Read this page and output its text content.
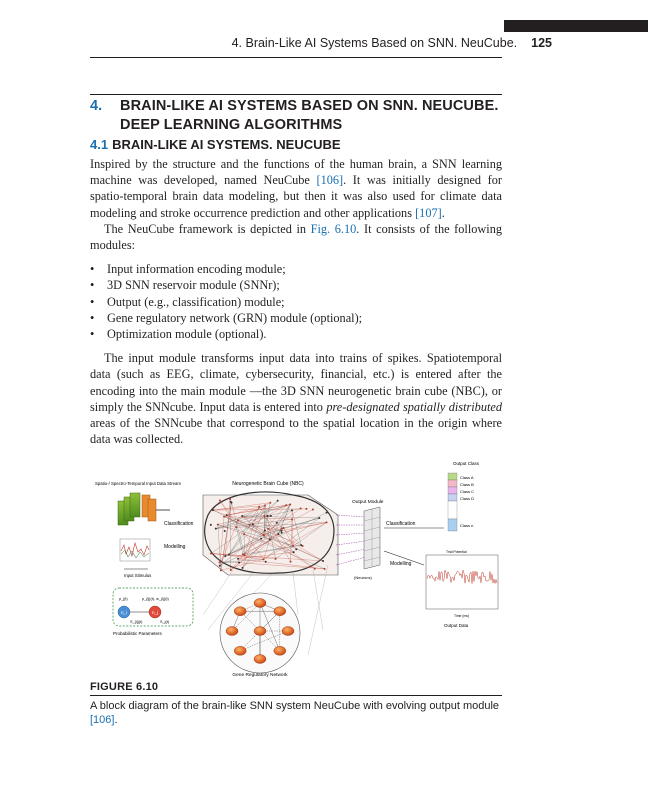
4. Brain-Like AI Systems Based on SNN. NeuCube. 125
4. BRAIN-LIKE AI SYSTEMS BASED ON SNN. NEUCUBE.
DEEP LEARNING ALGORITHMS
4.1 BRAIN-LIKE AI SYSTEMS. NEUCUBE

Inspired by the structure and the functions of the human brain, a SNN learning machine was developed, named NeuCube [106]. It was initially designed for spatio-temporal brain data modeling, but then it was also used for climate data modeling and stroke occurrence prediction and other applications [107].

The NeuCube framework is depicted in Fig. 6.10. It consists of the following modules:

• Input information encoding module;
• 3D SNN reservoir module (SNNr);
• Output (e.g., classification) module;
• Gene regulatory network (GRN) module (optional);
• Optimization module (optional).

The input module transforms input data into trains of spikes. Spatiotemporal data (such as EEG, climate, cybersecurity, financial, etc.) is entered after the encoding into the main module —the 3D SNN neurogenetic brain cube (NBC), or simply the SNNcube. Input data is entered into pre-designated spatially distributed areas of the SNNcube that correspond to the spatial location in the origin where data was collected.

Spatio-/ Spectro-Temporal Input Data Stream
Classification
Modelling
Input Stimulus
n_i	n_j
p_j(t)	p_{ij}(t), w_{ij}(t)
S_{ij}(t)	S_j(t)
Probabilistic Parameters
Neurogenetic Brain Cube (NBC)
Output Module
(Neurons)
Classification
Modelling
Output Class
Class A
Class B
Class C
Class D
Class n
Trial Potential
Time (ms)
Output Data
Gene Regulatory Network
FIGURE 6.10
A block diagram of the brain-like SNN system NeuCube with evolving output module [106].
